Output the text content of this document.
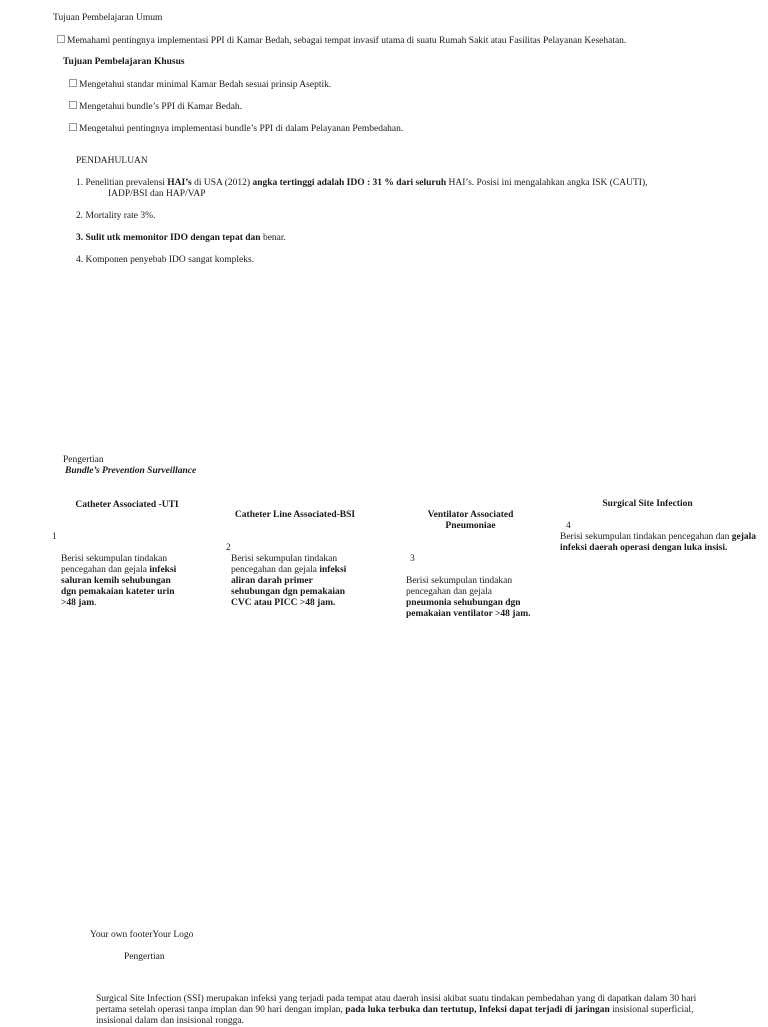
Tujuan Pembelajaran Umum
Memahami pentingnya implementasi PPI di Kamar Bedah, sebagai tempat invasif utama di suatu Rumah Sakit atau Fasilitas Pelayanan Kesehatan.
Tujuan Pembelajaran Khusus
Mengetahui standar minimal Kamar Bedah sesuai prinsip Aseptik.
Mengetahui bundle’s PPI di Kamar Bedah.
Mengetahui pentingnya implementasi bundle’s PPI di dalam Pelayanan Pembedahan.
PENDAHULUAN
1. Penelitian prevalensi HAI’s di USA (2012) angka tertinggi adalah IDO : 31 % dari seluruh HAI’s. Posisi ini mengalahkan angka ISK (CAUTI),
IADP/BSI dan HAP/VAP
2. Mortality rate 3%.
3. Sulit utk memonitor IDO dengan tepat dan benar.
4. Komponen penyebab IDO sangat kompleks.
Pengertian
Bundle’s Prevention Surveillance
Catheter Associated -UTI
1
Berisi sekumpulan tindakan pencegahan dan gejala infeksi saluran kemih sehubungan dgn pemakaian kateter urin >48 jam.
Catheter Line Associated-BSI
2
Berisi sekumpulan tindakan pencegahan dan gejala infeksi aliran darah primer sehubungan dgn pemakaian CVC atau PICC >48 jam.
Ventilator Associated Pneumoniae
3
Berisi sekumpulan tindakan pencegahan dan gejala pneumonia sehubungan dgn pemakaian ventilator >48 jam.
Surgical Site Infection
4
Berisi sekumpulan tindakan pencegahan dan gejala infeksi daerah operasi dengan luka insisi.
Your own footerYour Logo
Pengertian
Surgical Site Infection (SSI) merupakan infeksi yang terjadi pada tempat atau daerah insisi akibat suatu tindakan pembedahan yang di dapatkan dalam 30 hari pertama setelah operasi tanpa implan dan 90 hari dengan implan, pada luka terbuka dan tertutup, Infeksi dapat terjadi di jaringan insisional superficial, insisional dalam dan insisional rongga.
